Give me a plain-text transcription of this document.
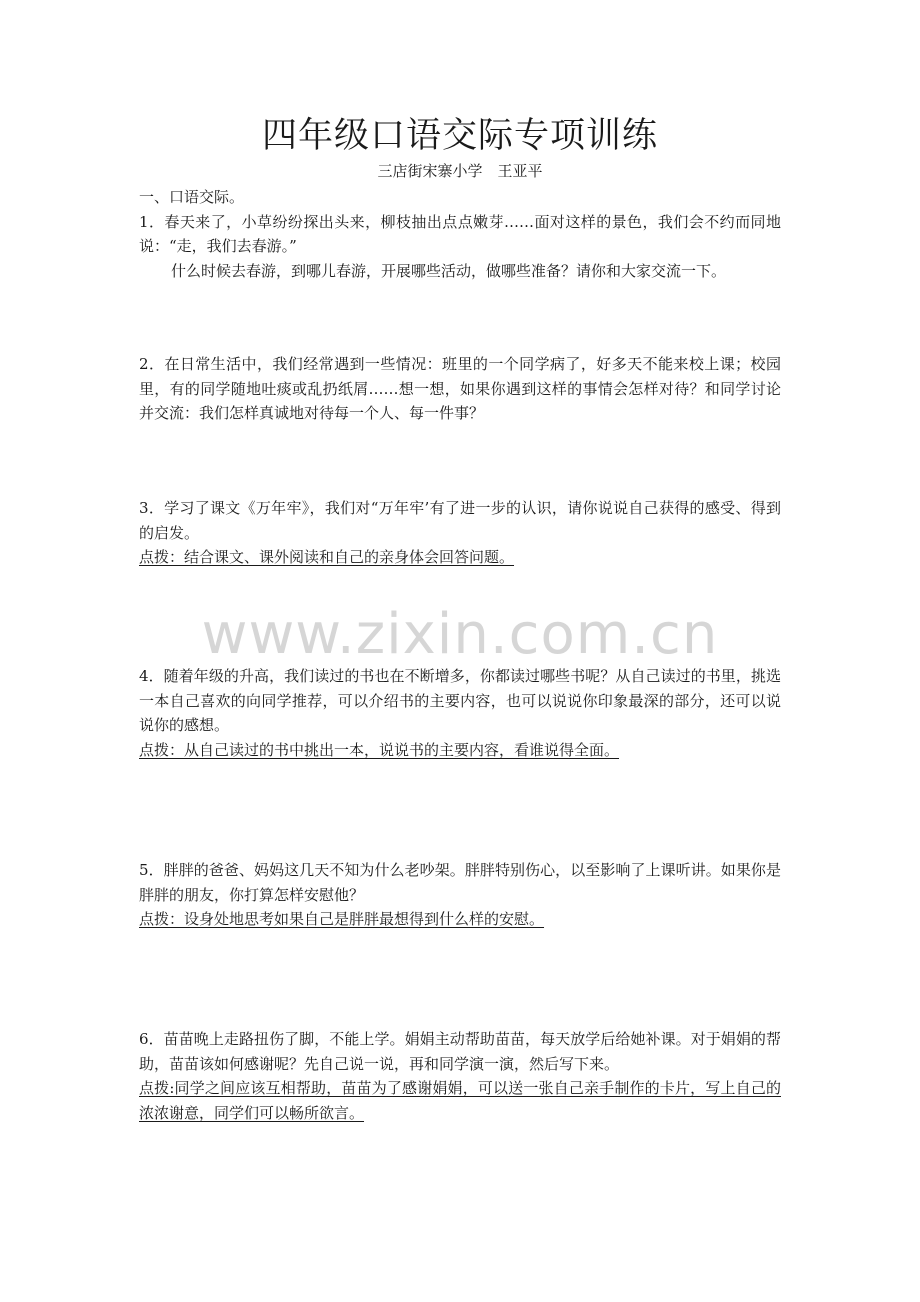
四年级口语交际专项训练
三店街宋寨小学　王亚平

一、口语交际。

1．春天来了，小草纷纷探出头来，柳枝抽出点点嫩芽……面对这样的景色，我们会不约而同地说：“走，我们去春游。”

什么时候去春游，到哪儿春游，开展哪些活动，做哪些准备？请你和大家交流一下。

2．在日常生活中，我们经常遇到一些情况：班里的一个同学病了，好多天不能来校上课；校园里，有的同学随地吐痰或乱扔纸屑……想一想，如果你遇到这样的事情会怎样对待？和同学讨论并交流：我们怎样真诚地对待每一个人、每一件事？

3．学习了课文《万年牢》，我们对“万年牢’有了进一步的认识，请你说说自己获得的感受、得到的启发。

点拨：结合课文、课外阅读和自己的亲身体会回答问题。

www.zixin.com.cn

4．随着年级的升高，我们读过的书也在不断增多，你都读过哪些书呢？从自己读过的书里，挑选一本自己喜欢的向同学推荐，可以介绍书的主要内容，也可以说说你印象最深的部分，还可以说说你的感想。

点拨：从自己读过的书中挑出一本，说说书的主要内容，看谁说得全面。

5．胖胖的爸爸、妈妈这几天不知为什么老吵架。胖胖特别伤心，以至影响了上课听讲。如果你是胖胖的朋友，你打算怎样安慰他？

点拨：设身处地思考如果自己是胖胖最想得到什么样的安慰。

6．苗苗晚上走路扭伤了脚，不能上学。娟娟主动帮助苗苗，每天放学后给她补课。对于娟娟的帮助，苗苗该如何感谢呢？先自己说一说，再和同学演一演，然后写下来。

点拨:同学之间应该互相帮助，苗苗为了感谢娟娟，可以送一张自己亲手制作的卡片，写上自己的浓浓谢意，同学们可以畅所欲言。
